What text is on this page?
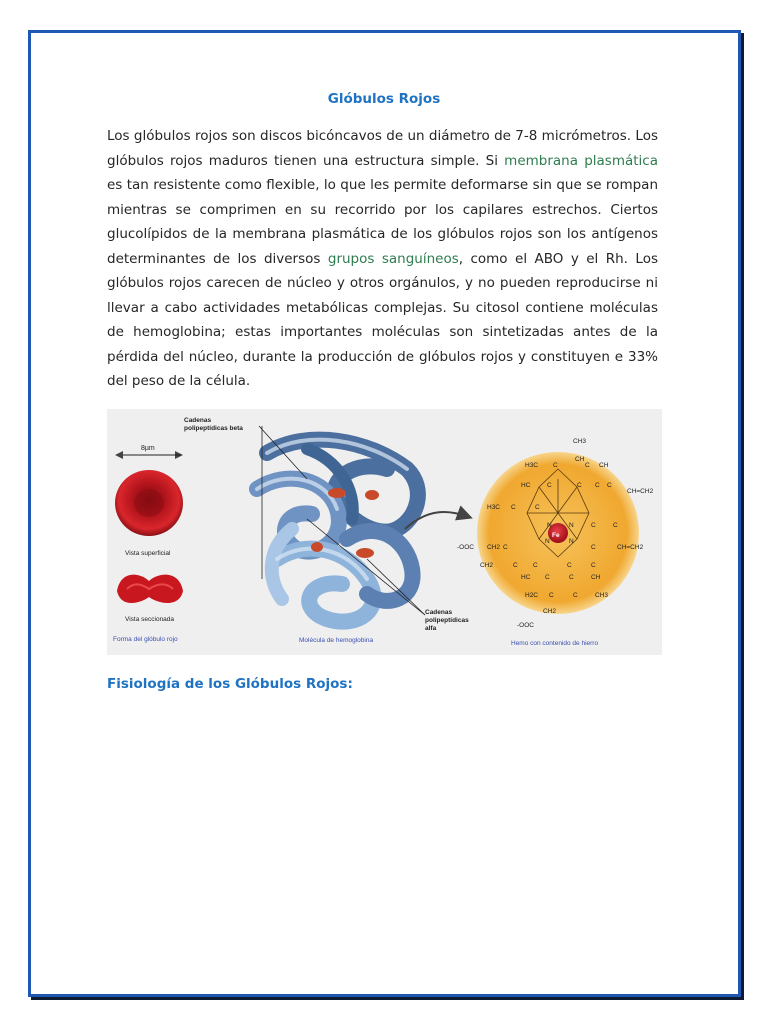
Glóbulos Rojos

Los glóbulos rojos son discos bicóncavos de un diámetro de 7-8 micrómetros. Los glóbulos rojos maduros tienen una estructura simple. Si membrana plasmática es tan resistente como flexible, lo que les permite deformarse sin que se rompan mientras se comprimen en su recorrido por los capilares estrechos. Ciertos glucolípidos de la membrana plasmática de los glóbulos rojos son los antígenos determinantes de los diversos grupos sanguíneos, como el ABO y el Rh. Los glóbulos rojos carecen de núcleo y otros orgánulos, y no pueden reproducirse ni llevar a cabo actividades metabólicas complejas. Su citosol contiene moléculas de hemoglobina; estas importantes moléculas son sintetizadas antes de la pérdida del núcleo, durante la producción de glóbulos rojos y constituyen e 33% del peso de la célula.

8µm
Vista superficial
Vista seccionada
Forma del glóbulo rojo
Cadenas
polipeptídicas beta
Cadenas
polipeptídicas
alfa
Molécula de hemoglobina
CH3
CH
H3C C	C CH
HC	C	C C C
CH=CH2
H3C C	C
N	N	C	C
-OOC CH2 C
N	N
C	CH=CH2
CH2	C C	C	C
HC C	C	CH
H2C C	C	CH3
CH2
-OOC
Fe
Hemo con contenido de hierro
Fisiología de los Glóbulos Rojos:
